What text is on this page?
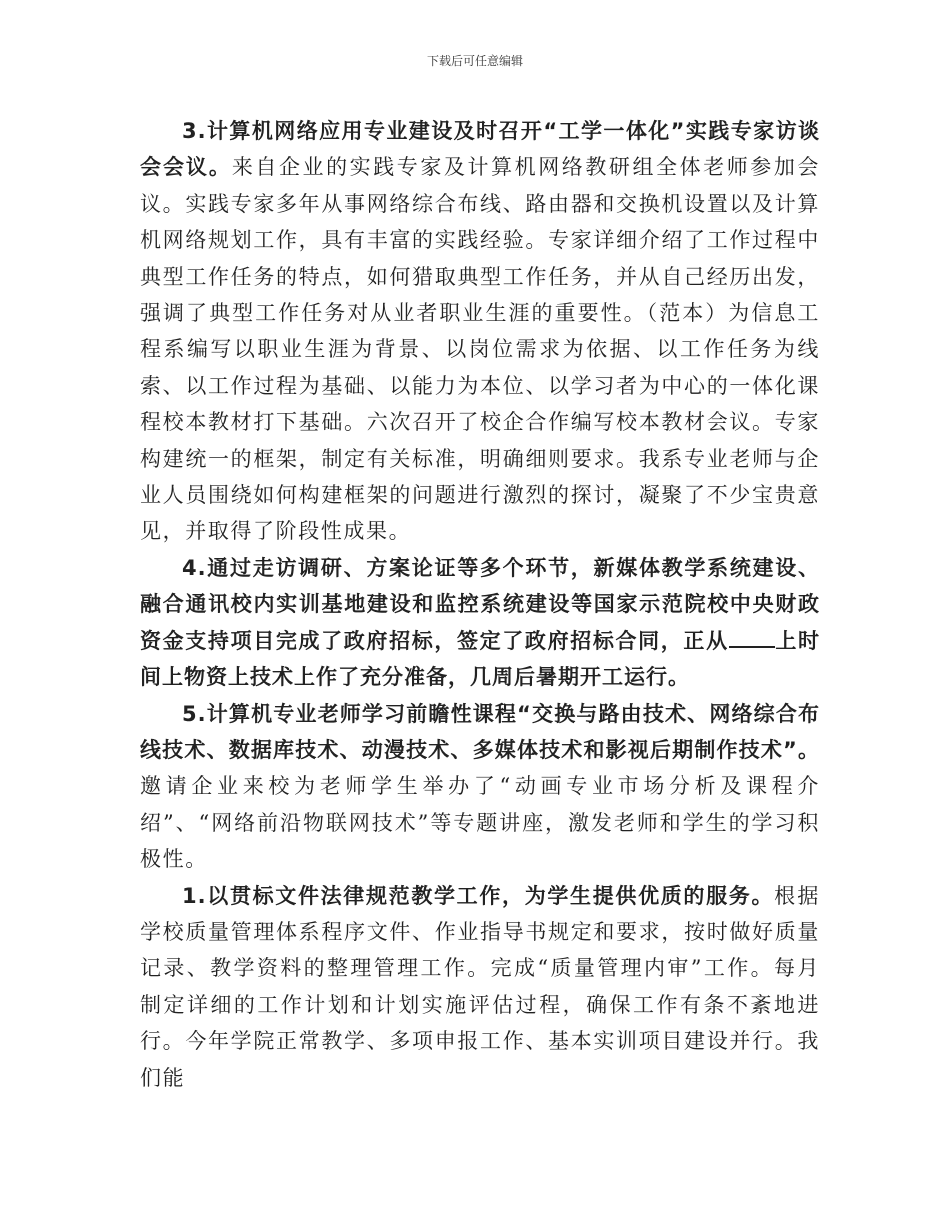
下载后可任意编辑

3.计算机网络应用专业建设及时召开“工学一体化”实践专家访谈会会议。来自企业的实践专家及计算机网络教研组全体老师参加会议。实践专家多年从事网络综合布线、路由器和交换机设置以及计算机网络规划工作，具有丰富的实践经验。专家详细介绍了工作过程中典型工作任务的特点，如何猎取典型工作任务，并从自己经历出发，强调了典型工作任务对从业者职业生涯的重要性。（范本）为信息工程系编写以职业生涯为背景、以岗位需求为依据、以工作任务为线索、以工作过程为基础、以能力为本位、以学习者为中心的一体化课程校本教材打下基础。六次召开了校企合作编写校本教材会议。专家构建统一的框架，制定有关标准，明确细则要求。我系专业老师与企业人员围绕如何构建框架的问题进行激烈的探讨，凝聚了不少宝贵意见，并取得了阶段性成果。

4.通过走访调研、方案论证等多个环节，新媒体教学系统建设、融合通讯校内实训基地建设和监控系统建设等国家示范院校中央财政资金支持项目完成了政府招标，签定了政府招标合同，正从 上时间上物资上技术上作了充分准备，几周后暑期开工运行。

5.计算机专业老师学习前瞻性课程“交换与路由技术、网络综合布线技术、数据库技术、动漫技术、多媒体技术和影视后期制作技术”。邀请企业来校为老师学生举办了“动画专业市场分析及课程介绍”、“网络前沿物联网技术”等专题讲座，激发老师和学生的学习积极性。

1.以贯标文件法律规范教学工作，为学生提供优质的服务。根据学校质量管理体系程序文件、作业指导书规定和要求，按时做好质量记录、教学资料的整理管理工作。完成“质量管理内审”工作。每月制定详细的工作计划和计划实施评估过程，确保工作有条不紊地进行。今年学院正常教学、多项申报工作、基本实训项目建设并行。我们能
